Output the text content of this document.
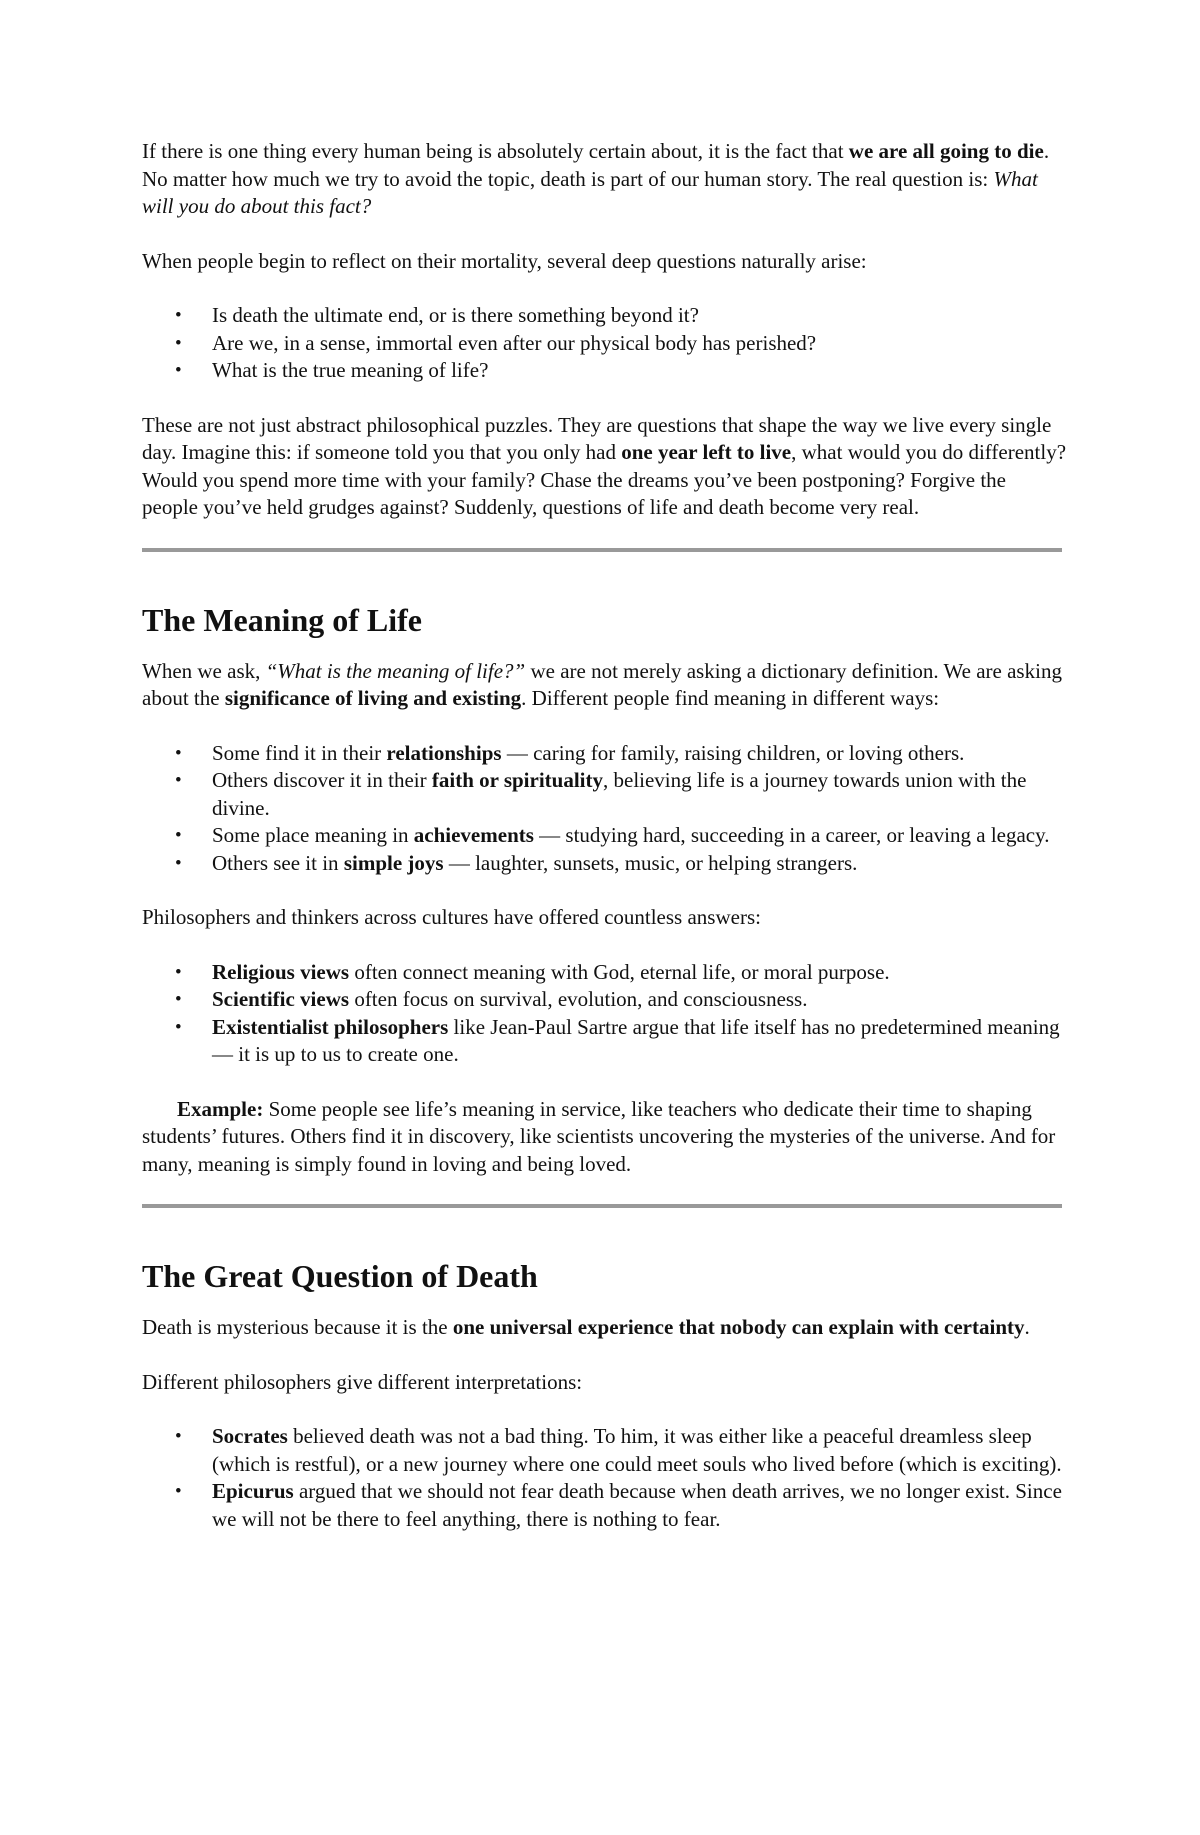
If there is one thing every human being is absolutely certain about, it is the fact that we are all going to die. No matter how much we try to avoid the topic, death is part of our human story. The real question is: What will you do about this fact?

When people begin to reflect on their mortality, several deep questions naturally arise:

• Is death the ultimate end, or is there something beyond it?
• Are we, in a sense, immortal even after our physical body has perished?
• What is the true meaning of life?

These are not just abstract philosophical puzzles. They are questions that shape the way we live every single day. Imagine this: if someone told you that you only had one year left to live, what would you do differently? Would you spend more time with your family? Chase the dreams you’ve been postponing? Forgive the people you’ve held grudges against? Suddenly, questions of life and death become very real.

The Meaning of Life

When we ask, “What is the meaning of life?” we are not merely asking a dictionary definition. We are asking about the significance of living and existing. Different people find meaning in different ways:

• Some find it in their relationships — caring for family, raising children, or loving others.
• Others discover it in their faith or spirituality, believing life is a journey towards union with the divine.
• Some place meaning in achievements — studying hard, succeeding in a career, or leaving a legacy.
• Others see it in simple joys — laughter, sunsets, music, or helping strangers.

Philosophers and thinkers across cultures have offered countless answers:

• Religious views often connect meaning with God, eternal life, or moral purpose.
• Scientific views often focus on survival, evolution, and consciousness.
• Existentialist philosophers like Jean-Paul Sartre argue that life itself has no predetermined meaning — it is up to us to create one.

Example: Some people see life’s meaning in service, like teachers who dedicate their time to shaping students’ futures. Others find it in discovery, like scientists uncovering the mysteries of the universe. And for many, meaning is simply found in loving and being loved.

The Great Question of Death

Death is mysterious because it is the one universal experience that nobody can explain with certainty.

Different philosophers give different interpretations:

• Socrates believed death was not a bad thing. To him, it was either like a peaceful dreamless sleep (which is restful), or a new journey where one could meet souls who lived before (which is exciting).
• Epicurus argued that we should not fear death because when death arrives, we no longer exist. Since we will not be there to feel anything, there is nothing to fear.
